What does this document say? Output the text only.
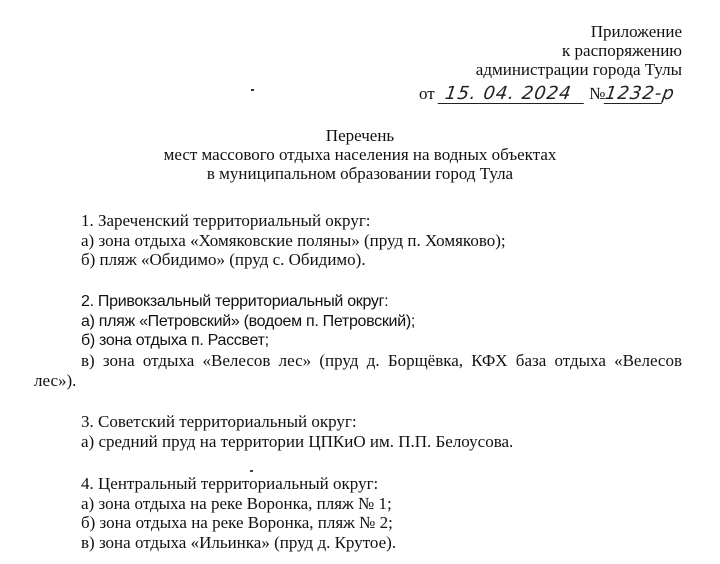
Приложение
к распоряжению
администрации города Тулы
от 15. 04. 2024 №1232-р
Перечень
мест массового отдыха населения на водных объектах
в муниципальном образовании город Тула

1. Зареченский территориальный округ:

а) зона отдыха «Хомяковские поляны» (пруд п. Хомяково);

б) пляж «Обидимо» (пруд с. Обидимо).

2. Привокзальный территориальный округ:

а) пляж «Петровский» (водоем п. Петровский);

б) зона отдыха п. Рассвет;

в) зона отдыха «Велесов лес» (пруд д. Борщёвка, КФХ база отдыха «Велесов лес»).

3. Советский территориальный округ:

а) средний пруд на территории ЦПКиО им. П.П. Белоусова.

4. Центральный территориальный округ:

а) зона отдыха на реке Воронка, пляж № 1;

б) зона отдыха на реке Воронка, пляж № 2;

в) зона отдыха «Ильинка» (пруд д. Крутое).
